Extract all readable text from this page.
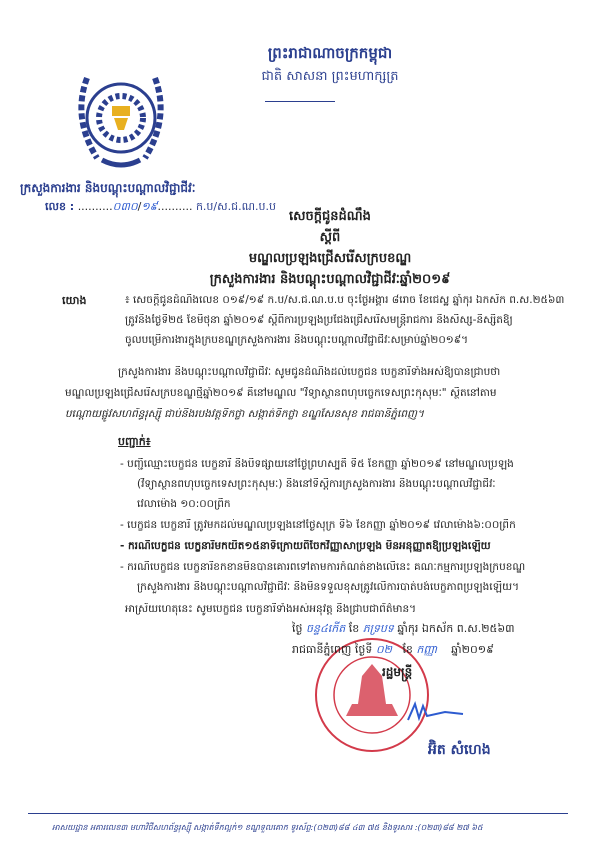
ព្រះរាជាណាចក្រកម្ពុជា
ជាតិ សាសនា ព្រះមហាក្សត្រ
ក្រសួងការងារ និងបណ្តុះបណ្តាលវិជ្ជាជីវៈ
លេខ : ..........០៣០/១៩.......... ក.ប/ស.ជ.ណ.ប.ប
សេចក្តីជូនដំណឹង
ស្តីពី
មណ្ឌលប្រឡងជ្រើសរើសក្របខណ្ឌ
ក្រសួងការងារ និងបណ្តុះបណ្តាលវិជ្ជាជីវៈឆ្នាំ២០១៩
យោង	៖ សេចក្តីជូនដំណឹងលេខ ០១៩/១៩ ក.ប/ស.ជ.ណ.ប.ប ចុះថ្ងៃអង្គារ ៨រោច ខែជេស្ឋ ឆ្នាំកុរ ឯកស័ក ព.ស.២៥៦៣
ត្រូវនឹងថ្ងៃទី២៥ ខែមិថុនា ឆ្នាំ២០១៩ ស្តីពីការប្រឡងប្រជែងជ្រើសរើសមន្ត្រីរាជការ និងសិស្ស-និស្សិតឱ្យ
ចូលបម្រើការងារក្នុងក្របខណ្ឌក្រសួងការងារ និងបណ្តុះបណ្តាលវិជ្ជាជីវៈសម្រាប់ឆ្នាំ២០១៩។
ក្រសួងការងារ និងបណ្តុះបណ្តាលវិជ្ជាជីវៈ សូមជូនដំណឹងដល់បេក្ខជន បេក្ខនារីទាំងអស់ឱ្យបានជ្រាបថា
មណ្ឌលប្រឡងជ្រើសរើសក្របខណ្ឌថ្មីឆ្នាំ២០១៩ គឺនៅមណ្ឌល "វិទ្យាស្ថានពហុបច្ចេកទេសព្រះកុសុមៈ" ស្ថិតនៅតាម
បណ្តោយផ្លូវសហព័ន្ធរុស្ស៊ី ជាប់នឹងរបងវត្តទឹកថ្លា សង្កាត់ទឹកថ្លា ខណ្ឌសែនសុខ រាជធានីភ្នំពេញ។
បញ្ជាក់៖
- បញ្ជីឈ្មោះបេក្ខជន បេក្ខនារី នឹងបិទផ្សាយនៅថ្ងៃព្រហស្បតិ៍ ទី៥ ខែកញ្ញា ឆ្នាំ២០១៩ នៅមណ្ឌលប្រឡង
(វិទ្យាស្ថានពហុបច្ចេកទេសព្រះកុសុមៈ) និងនៅទីស្តីការក្រសួងការងារ និងបណ្តុះបណ្តាលវិជ្ជាជីវៈ
វេលាម៉ោង ១០:០០ព្រឹក
- បេក្ខជន បេក្ខនារី ត្រូវមកដល់មណ្ឌលប្រឡងនៅថ្ងៃសុក្រ ទី៦ ខែកញ្ញា ឆ្នាំ២០១៩ វេលាម៉ោង៦:០០ព្រឹក
- ករណីបេក្ខជន បេក្ខនារីមកយឺត១៥នាទីក្រោយពីចែកវិញ្ញាសាប្រឡង មិនអនុញ្ញាតឱ្យប្រឡងឡើយ
- ករណីបេក្ខជន បេក្ខនារីខកខានមិនបានគោរពទៅតាមការកំណត់ខាងលើនេះ គណៈកម្មការប្រឡងក្របខណ្ឌ
ក្រសួងការងារ និងបណ្តុះបណ្តាលវិជ្ជាជីវៈ នឹងមិនទទួលខុសត្រូវលើការបាត់បង់បេក្ខភាពប្រឡងឡើយ។
អាស្រ័យហេតុនេះ សូមបេក្ខជន បេក្ខនារីទាំងអស់អនុវត្ត និងជ្រាបជាព័ត៌មាន។
ថ្ងៃ ចន្ទ៤កើត ខែ ភទ្របទ ឆ្នាំកុរ ឯកស័ក ព.ស.២៥៦៣
រាជធានីភ្នំពេញ ថ្ងៃទី ០២ ខែ កញ្ញា ឆ្នាំ២០១៩
រដ្ឋមន្ត្រី
អ៊ិត សំហេង
អាសយដ្ឋាន អគារលេខ៣ មហាវិថីសហព័ន្ធរុស្ស៊ី សង្កាត់ទឹកល្អក់១ ខណ្ឌទួលគោក ទូរស័ព្ទ:(០២៣)៨៨ ៤៣ ៧៥ និងទូរសារ :(០២៣)៨៨ ២៧ ៦៥
